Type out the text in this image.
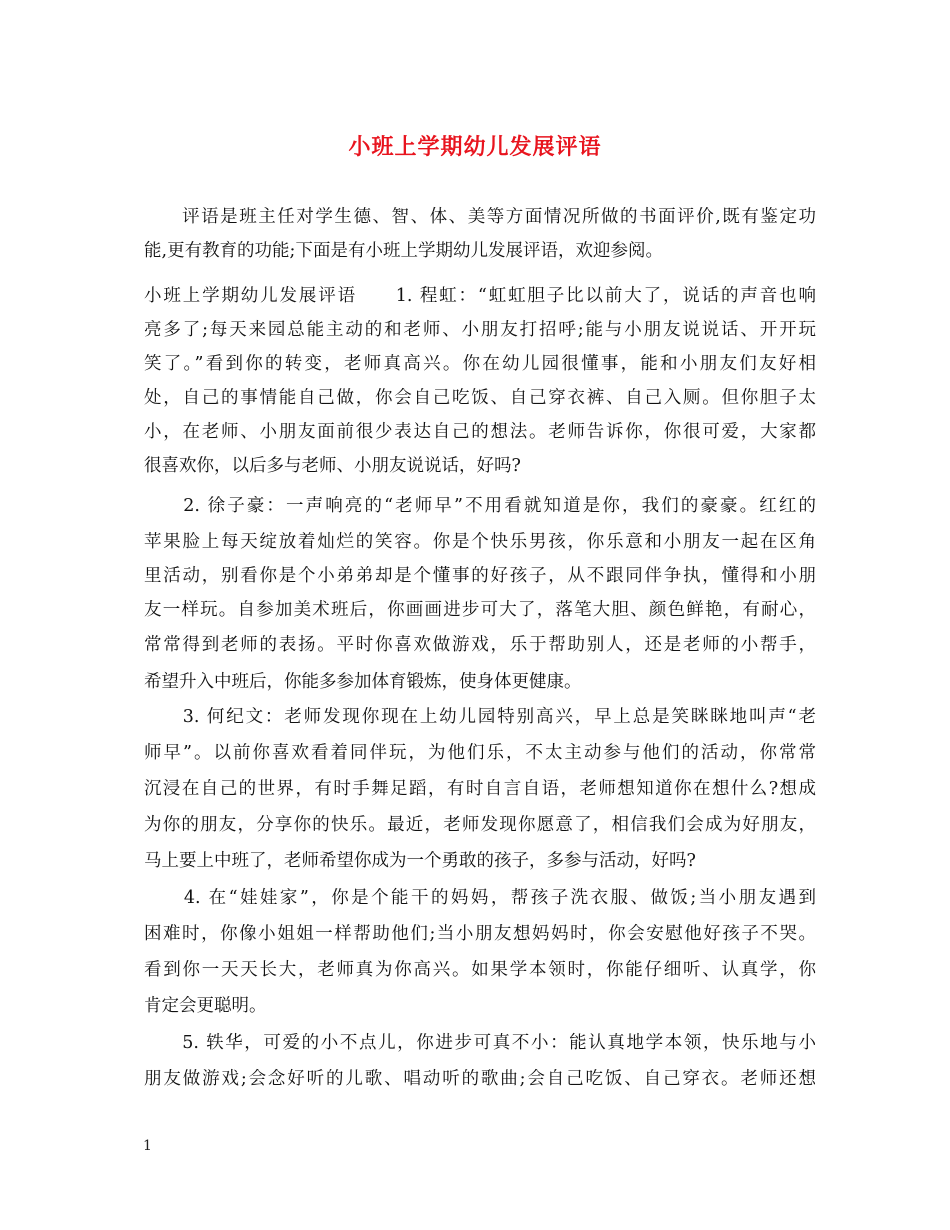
小班上学期幼儿发展评语
　　评语是班主任对学生德、智、体、美等方面情况所做的书面评价,既有鉴定功
能,更有教育的功能;下面是有小班上学期幼儿发展评语，欢迎参阅。
小班上学期幼儿发展评语　　1. 程虹：“虹虹胆子比以前大了，说话的声音也响
亮多了;每天来园总能主动的和老师、小朋友打招呼;能与小朋友说说话、开开玩
笑了。”看到你的转变，老师真高兴。你在幼儿园很懂事，能和小朋友们友好相
处，自己的事情能自己做，你会自己吃饭、自己穿衣裤、自己入厕。但你胆子太
小，在老师、小朋友面前很少表达自己的想法。老师告诉你，你很可爱，大家都
很喜欢你，以后多与老师、小朋友说说话，好吗?
　　2. 徐子豪：一声响亮的“老师早”不用看就知道是你，我们的豪豪。红红的
苹果脸上每天绽放着灿烂的笑容。你是个快乐男孩，你乐意和小朋友一起在区角
里活动，别看你是个小弟弟却是个懂事的好孩子，从不跟同伴争执，懂得和小朋
友一样玩。自参加美术班后，你画画进步可大了，落笔大胆、颜色鲜艳，有耐心，
常常得到老师的表扬。平时你喜欢做游戏，乐于帮助别人，还是老师的小帮手，
希望升入中班后，你能多参加体育锻炼，使身体更健康。
　　3. 何纪文：老师发现你现在上幼儿园特别高兴，早上总是笑眯眯地叫声“老
师早”。以前你喜欢看着同伴玩，为他们乐，不太主动参与他们的活动，你常常
沉浸在自己的世界，有时手舞足蹈，有时自言自语，老师想知道你在想什么?想成
为你的朋友，分享你的快乐。最近，老师发现你愿意了，相信我们会成为好朋友，
马上要上中班了，老师希望你成为一个勇敢的孩子，多参与活动，好吗?
　　4. 在“娃娃家”，你是个能干的妈妈，帮孩子洗衣服、做饭;当小朋友遇到
困难时，你像小姐姐一样帮助他们;当小朋友想妈妈时，你会安慰他好孩子不哭。
看到你一天天长大，老师真为你高兴。如果学本领时，你能仔细听、认真学，你
肯定会更聪明。
　　5. 轶华，可爱的小不点儿，你进步可真不小：能认真地学本领，快乐地与小
朋友做游戏;会念好听的儿歌、唱动听的歌曲;会自己吃饭、自己穿衣。老师还想
1
